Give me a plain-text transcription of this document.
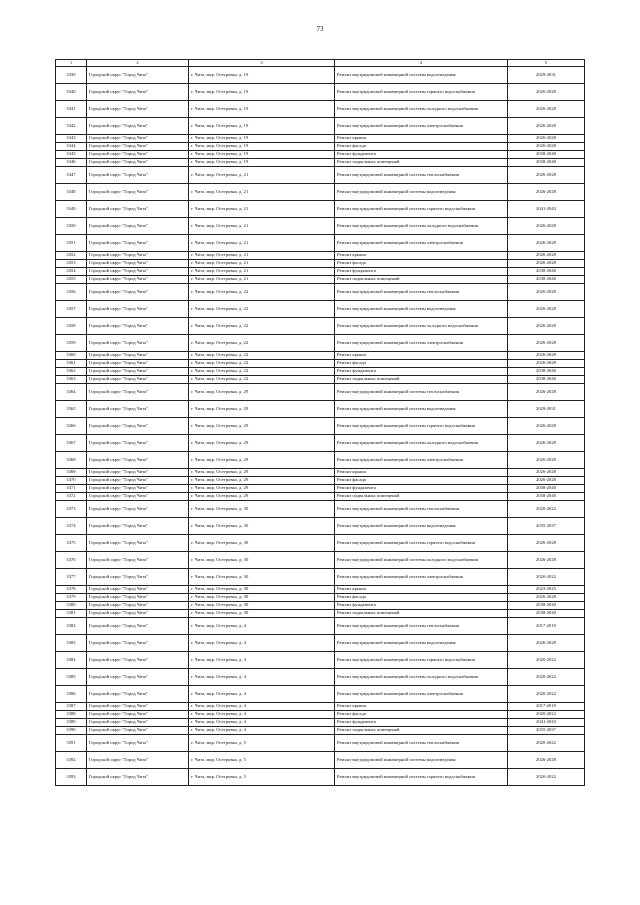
73
1	2	3	4	5
3339	Городской округ "Город Чита"	г. Чита, мкр. Осетровка, д. 19	Ремонт внутридомовой инженерной системы водоотведения	2029-2031
3340	Городской округ "Город Чита"	г. Чита, мкр. Осетровка, д. 19	Ремонт внутридомовой инженерной системы горячего водоснабжения	2026-2028
3341	Городской округ "Город Чита"	г. Чита, мкр. Осетровка, д. 19	Ремонт внутридомовой инженерной системы холодного водоснабжения	2026-2028
3342	Городской округ "Город Чита"	г. Чита, мкр. Осетровка, д. 19	Ремонт внутридомовой инженерной системы электроснабжения	2026-2028
3343	Городской округ "Город Чита"	г. Чита, мкр. Осетровка, д. 19	Ремонт крыши	2026-2028
3344	Городской округ "Город Чита"	г. Чита, мкр. Осетровка, д. 19	Ремонт фасада	2026-2028
3345	Городской округ "Город Чита"	г. Чита, мкр. Осетровка, д. 19	Ремонт фундамента	2038-2040
3346	Городской округ "Город Чита"	г. Чита, мкр. Осетровка, д. 19	Ремонт подвальных помещений	2038-2040
3347	Городской округ "Город Чита"	г. Чита, мкр. Осетровка, д. 21	Ремонт внутридомовой инженерной системы теплоснабжения	2026-2028
3348	Городской округ "Город Чита"	г. Чита, мкр. Осетровка, д. 21	Ремонт внутридомовой инженерной системы водоотведения	2026-2028
3349	Городской округ "Город Чита"	г. Чита, мкр. Осетровка, д. 21	Ремонт внутридомовой инженерной системы горячего водоснабжения	2041-2043
3350	Городской округ "Город Чита"	г. Чита, мкр. Осетровка, д. 21	Ремонт внутридомовой инженерной системы холодного водоснабжения	2026-2028
3351	Городской округ "Город Чита"	г. Чита, мкр. Осетровка, д. 21	Ремонт внутридомовой инженерной системы электроснабжения	2026-2028
3352	Городской округ "Город Чита"	г. Чита, мкр. Осетровка, д. 21	Ремонт крыши	2026-2028
3353	Городской округ "Город Чита"	г. Чита, мкр. Осетровка, д. 21	Ремонт фасада	2026-2028
3354	Городской округ "Город Чита"	г. Чита, мкр. Осетровка, д. 21	Ремонт фундамента	2038-2040
3355	Городской округ "Город Чита"	г. Чита, мкр. Осетровка, д. 21	Ремонт подвальных помещений	2038-2040
3356	Городской округ "Город Чита"	г. Чита, мкр. Осетровка, д. 22	Ремонт внутридомовой инженерной системы теплоснабжения	2026-2028
3357	Городской округ "Город Чита"	г. Чита, мкр. Осетровка, д. 22	Ремонт внутридомовой инженерной системы водоотведения	2026-2028
3358	Городской округ "Город Чита"	г. Чита, мкр. Осетровка, д. 22	Ремонт внутридомовой инженерной системы холодного водоснабжения	2026-2028
3359	Городской округ "Город Чита"	г. Чита, мкр. Осетровка, д. 22	Ремонт внутридомовой инженерной системы электроснабжения	2026-2028
3360	Городской округ "Город Чита"	г. Чита, мкр. Осетровка, д. 22	Ремонт крыши	2026-2028
3361	Городской округ "Город Чита"	г. Чита, мкр. Осетровка, д. 22	Ремонт фасада	2026-2028
3362	Городской округ "Город Чита"	г. Чита, мкр. Осетровка, д. 22	Ремонт фундамента	2038-2040
3363	Городской округ "Город Чита"	г. Чита, мкр. Осетровка, д. 22	Ремонт подвальных помещений	2038-2040
3364	Городской округ "Город Чита"	г. Чита, мкр. Осетровка, д. 29	Ремонт внутридомовой инженерной системы теплоснабжения	2026-2028
3365	Городской округ "Город Чита"	г. Чита, мкр. Осетровка, д. 29	Ремонт внутридомовой инженерной системы водоотведения	2029-2031
3366	Городской округ "Город Чита"	г. Чита, мкр. Осетровка, д. 29	Ремонт внутридомовой инженерной системы горячего водоснабжения	2026-2028
3367	Городской округ "Город Чита"	г. Чита, мкр. Осетровка, д. 29	Ремонт внутридомовой инженерной системы холодного водоснабжения	2026-2028
3368	Городской округ "Город Чита"	г. Чита, мкр. Осетровка, д. 29	Ремонт внутридомовой инженерной системы электроснабжения	2026-2028
3369	Городской округ "Город Чита"	г. Чита, мкр. Осетровка, д. 29	Ремонт крыши	2026-2028
3370	Городской округ "Город Чита"	г. Чита, мкр. Осетровка, д. 29	Ремонт фасада	2026-2028
3371	Городской округ "Город Чита"	г. Чита, мкр. Осетровка, д. 29	Ремонт фундамента	2038-2040
3372	Городской округ "Город Чита"	г. Чита, мкр. Осетровка, д. 29	Ремонт подвальных помещений	2038-2040
3373	Городской округ "Город Чита"	г. Чита, мкр. Осетровка, д. 30	Ремонт внутридомовой инженерной системы теплоснабжения	2020-2022
3374	Городской округ "Город Чита"	г. Чита, мкр. Осетровка, д. 30	Ремонт внутридомовой инженерной системы водоотведения	2035-2037
3375	Городской округ "Город Чита"	г. Чита, мкр. Осетровка, д. 30	Ремонт внутридомовой инженерной системы горячего водоснабжения	2026-2028
3376	Городской округ "Город Чита"	г. Чита, мкр. Осетровка, д. 30	Ремонт внутридомовой инженерной системы холодного водоснабжения	2026-2028
3377	Городской округ "Город Чита"	г. Чита, мкр. Осетровка, д. 30	Ремонт внутридомовой инженерной системы электроснабжения	2020-2022
3378	Городской округ "Город Чита"	г. Чита, мкр. Осетровка, д. 30	Ремонт крыши	2023-2025
3379	Городской округ "Город Чита"	г. Чита, мкр. Осетровка, д. 30	Ремонт фасада	2026-2028
3380	Городской округ "Город Чита"	г. Чита, мкр. Осетровка, д. 30	Ремонт фундамента	2038-2040
3381	Городской округ "Город Чита"	г. Чита, мкр. Осетровка, д. 30	Ремонт подвальных помещений	2038-2040
3382	Городской округ "Город Чита"	г. Чита, мкр. Осетровка, д. 4	Ремонт внутридомовой инженерной системы теплоснабжения	2017-2019
3383	Городской округ "Город Чита"	г. Чита, мкр. Осетровка, д. 4	Ремонт внутридомовой инженерной системы водоотведения	2026-2028
3384	Городской округ "Город Чита"	г. Чита, мкр. Осетровка, д. 4	Ремонт внутридомовой инженерной системы горячего водоснабжения	2020-2022
3385	Городской округ "Город Чита"	г. Чита, мкр. Осетровка, д. 4	Ремонт внутридомовой инженерной системы холодного водоснабжения	2020-2022
3386	Городской округ "Город Чита"	г. Чита, мкр. Осетровка, д. 4	Ремонт внутридомовой инженерной системы электроснабжения	2020-2022
3387	Городской округ "Город Чита"	г. Чита, мкр. Осетровка, д. 4	Ремонт крыши	2017-2019
3388	Городской округ "Город Чита"	г. Чита, мкр. Осетровка, д. 4	Ремонт фасада	2020-2022
3389	Городской округ "Город Чита"	г. Чита, мкр. Осетровка, д. 4	Ремонт фундамента	2041-2043
3390	Городской округ "Город Чита"	г. Чита, мкр. Осетровка, д. 4	Ремонт подвальных помещений	2035-2037
3391	Городской округ "Город Чита"	г. Чита, мкр. Осетровка, д. 5	Ремонт внутридомовой инженерной системы теплоснабжения	2020-2022
3392	Городской округ "Город Чита"	г. Чита, мкр. Осетровка, д. 5	Ремонт внутридомовой инженерной системы водоотведения	2026-2028
3393	Городской округ "Город Чита"	г. Чита, мкр. Осетровка, д. 5	Ремонт внутридомовой инженерной системы горячего водоснабжения	2020-2022
